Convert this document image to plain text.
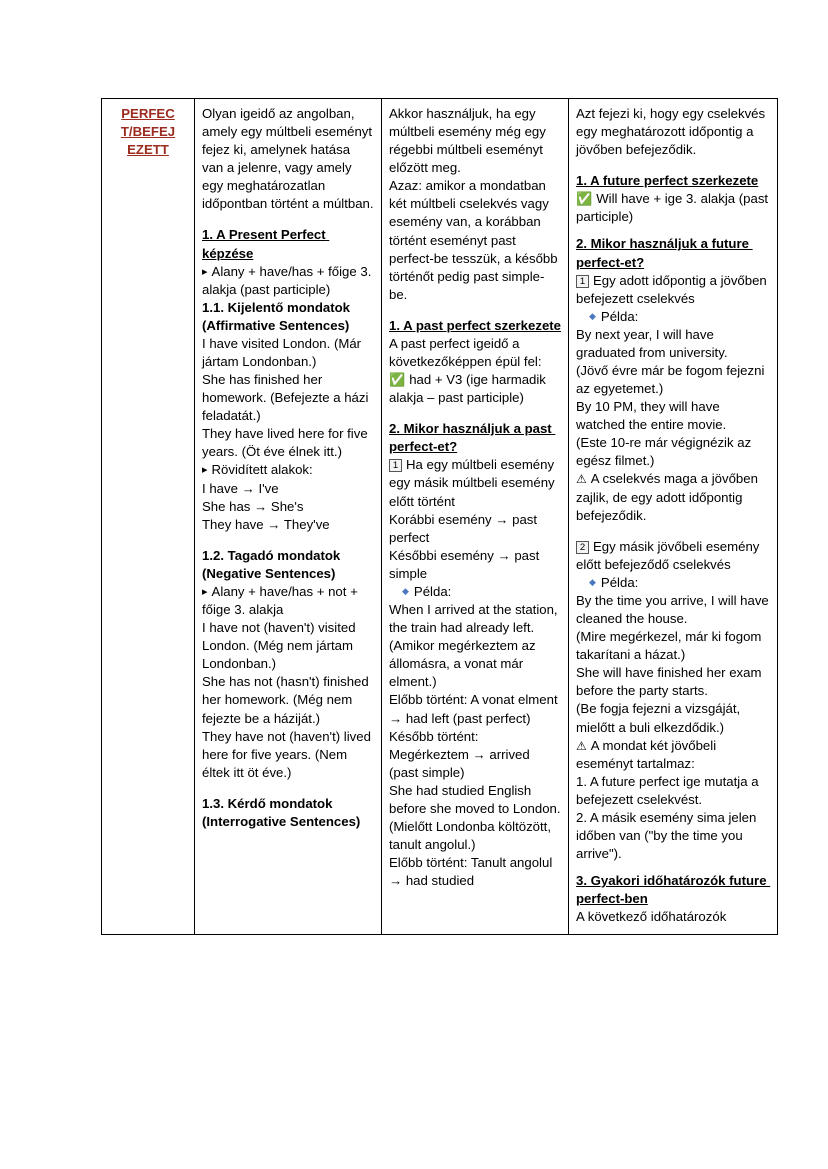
PERFEC
T/BEFEJ
EZETT

Olyan igeidő az angolban, amely egy múltbeli eseményt fejez ki, amelynek hatása van a jelenre, vagy amely egy meghatározatlan időpontban történt a múltban.
1. A Present Perfect képzése
▸ Alany + have/has + főige 3. alakja (past participle)
1.1. Kijelentő mondatok (Affirmative Sentences)
I have visited London. (Már jártam Londonban.)
She has finished her homework. (Befejezte a házi feladatát.)
They have lived here for five years. (Öt éve élnek itt.)
▸ Rövidített alakok:
I have → I've
She has → She's
They have → They've
1.2. Tagadó mondatok (Negative Sentences)
▸ Alany + have/has + not + főige 3. alakja
I have not (haven't) visited London. (Még nem jártam Londonban.)
She has not (hasn't) finished her homework. (Még nem fejezte be a háziját.)
They have not (haven't) lived here for five years. (Nem éltek itt öt éve.)
1.3. Kérdő mondatok (Interrogative Sentences)

Akkor használjuk, ha egy múltbeli esemény még egy régebbi múltbeli eseményt előzött meg.
Azaz: amikor a mondatban két múltbeli cselekvés vagy esemény van, a korábban történt eseményt past perfect-be tesszük, a később történőt pedig past simple-be.
1. A past perfect szerkezete
A past perfect igeidő a következőképpen épül fel:
✅ had + V3 (ige harmadik alakja – past participle)
2. Mikor használjuk a past perfect-et?
1 Ha egy múltbeli esemény egy másik múltbeli esemény előtt történt
Korábbi esemény → past perfect
Későbbi esemény → past simple
◆ Példa:
When I arrived at the station, the train had already left.
(Amikor megérkeztem az állomásra, a vonat már elment.)
Előbb történt: A vonat elment → had left (past perfect)
Később történt: Megérkeztem → arrived (past simple)
She had studied English before she moved to London.
(Mielőtt Londonba költözött, tanult angolul.)
Előbb történt: Tanult angolul → had studied

Azt fejezi ki, hogy egy cselekvés egy meghatározott időpontig a jövőben befejeződik.
1. A future perfect szerkezete
✅ Will have + ige 3. alakja (past participle)
2. Mikor használjuk a future perfect-et?
1 Egy adott időpontig a jövőben befejezett cselekvés
◆ Példa:
By next year, I will have graduated from university.
(Jövő évre már be fogom fejezni az egyetemet.)
By 10 PM, they will have watched the entire movie.
(Este 10-re már végignézik az egész filmet.)
⚠ A cselekvés maga a jövőben zajlik, de egy adott időpontig befejeződik.
2 Egy másik jövőbeli esemény előtt befejeződő cselekvés
◆ Példa:
By the time you arrive, I will have cleaned the house.
(Mire megérkezel, már ki fogom takarítani a házat.)
She will have finished her exam before the party starts.
(Be fogja fejezni a vizsgáját, mielőtt a buli elkezdődik.)
⚠ A mondat két jövőbeli eseményt tartalmaz:
1. A future perfect ige mutatja a befejezett cselekvést.
2. A másik esemény sima jelen időben van ("by the time you arrive").
3. Gyakori időhatározók future perfect-ben
A következő időhatározók
